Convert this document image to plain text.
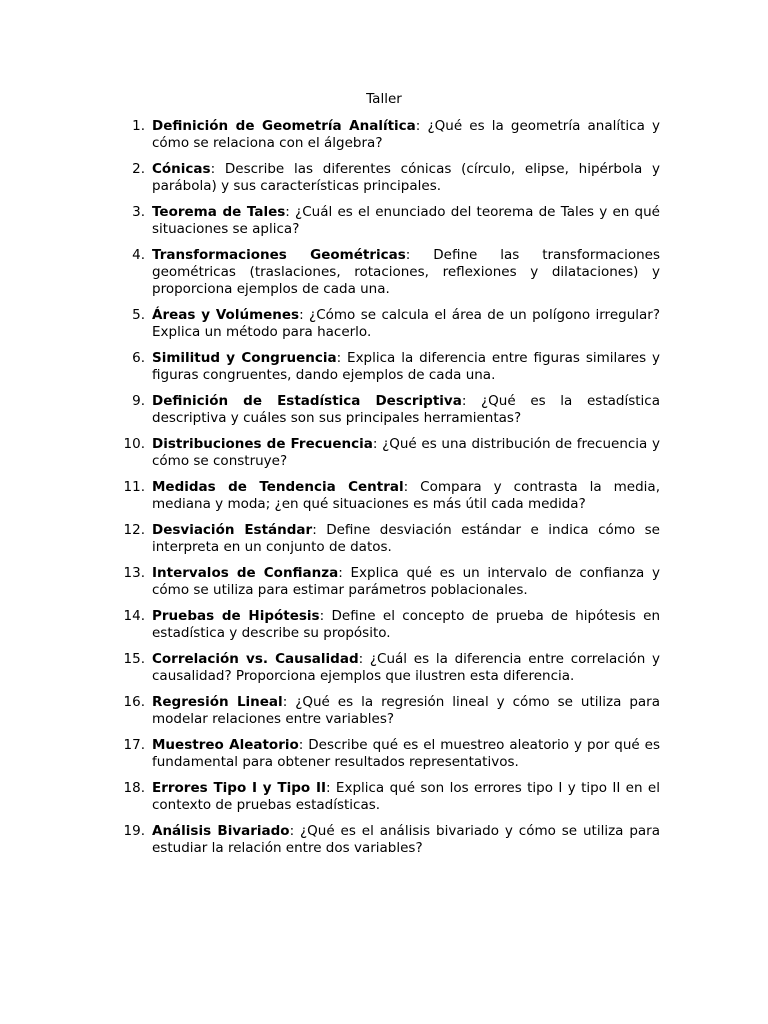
Taller
1. Definición de Geometría Analítica: ¿Qué es la geometría analítica y cómo se relaciona con el álgebra?
2. Cónicas: Describe las diferentes cónicas (círculo, elipse, hipérbola y parábola) y sus características principales.
3. Teorema de Tales: ¿Cuál es el enunciado del teorema de Tales y en qué situaciones se aplica?
4. Transformaciones Geométricas: Define las transformaciones geométricas (traslaciones, rotaciones, reflexiones y dilataciones) y proporciona ejemplos de cada una.
5. Áreas y Volúmenes: ¿Cómo se calcula el área de un polígono irregular? Explica un método para hacerlo.
6. Similitud y Congruencia: Explica la diferencia entre figuras similares y figuras congruentes, dando ejemplos de cada una.
9. Definición de Estadística Descriptiva: ¿Qué es la estadística descriptiva y cuáles son sus principales herramientas?
10. Distribuciones de Frecuencia: ¿Qué es una distribución de frecuencia y cómo se construye?
11. Medidas de Tendencia Central: Compara y contrasta la media, mediana y moda; ¿en qué situaciones es más útil cada medida?
12. Desviación Estándar: Define desviación estándar e indica cómo se interpreta en un conjunto de datos.
13. Intervalos de Confianza: Explica qué es un intervalo de confianza y cómo se utiliza para estimar parámetros poblacionales.
14. Pruebas de Hipótesis: Define el concepto de prueba de hipótesis en estadística y describe su propósito.
15. Correlación vs. Causalidad: ¿Cuál es la diferencia entre correlación y causalidad? Proporciona ejemplos que ilustren esta diferencia.
16. Regresión Lineal: ¿Qué es la regresión lineal y cómo se utiliza para modelar relaciones entre variables?
17. Muestreo Aleatorio: Describe qué es el muestreo aleatorio y por qué es fundamental para obtener resultados representativos.
18. Errores Tipo I y Tipo II: Explica qué son los errores tipo I y tipo II en el contexto de pruebas estadísticas.
19. Análisis Bivariado: ¿Qué es el análisis bivariado y cómo se utiliza para estudiar la relación entre dos variables?
